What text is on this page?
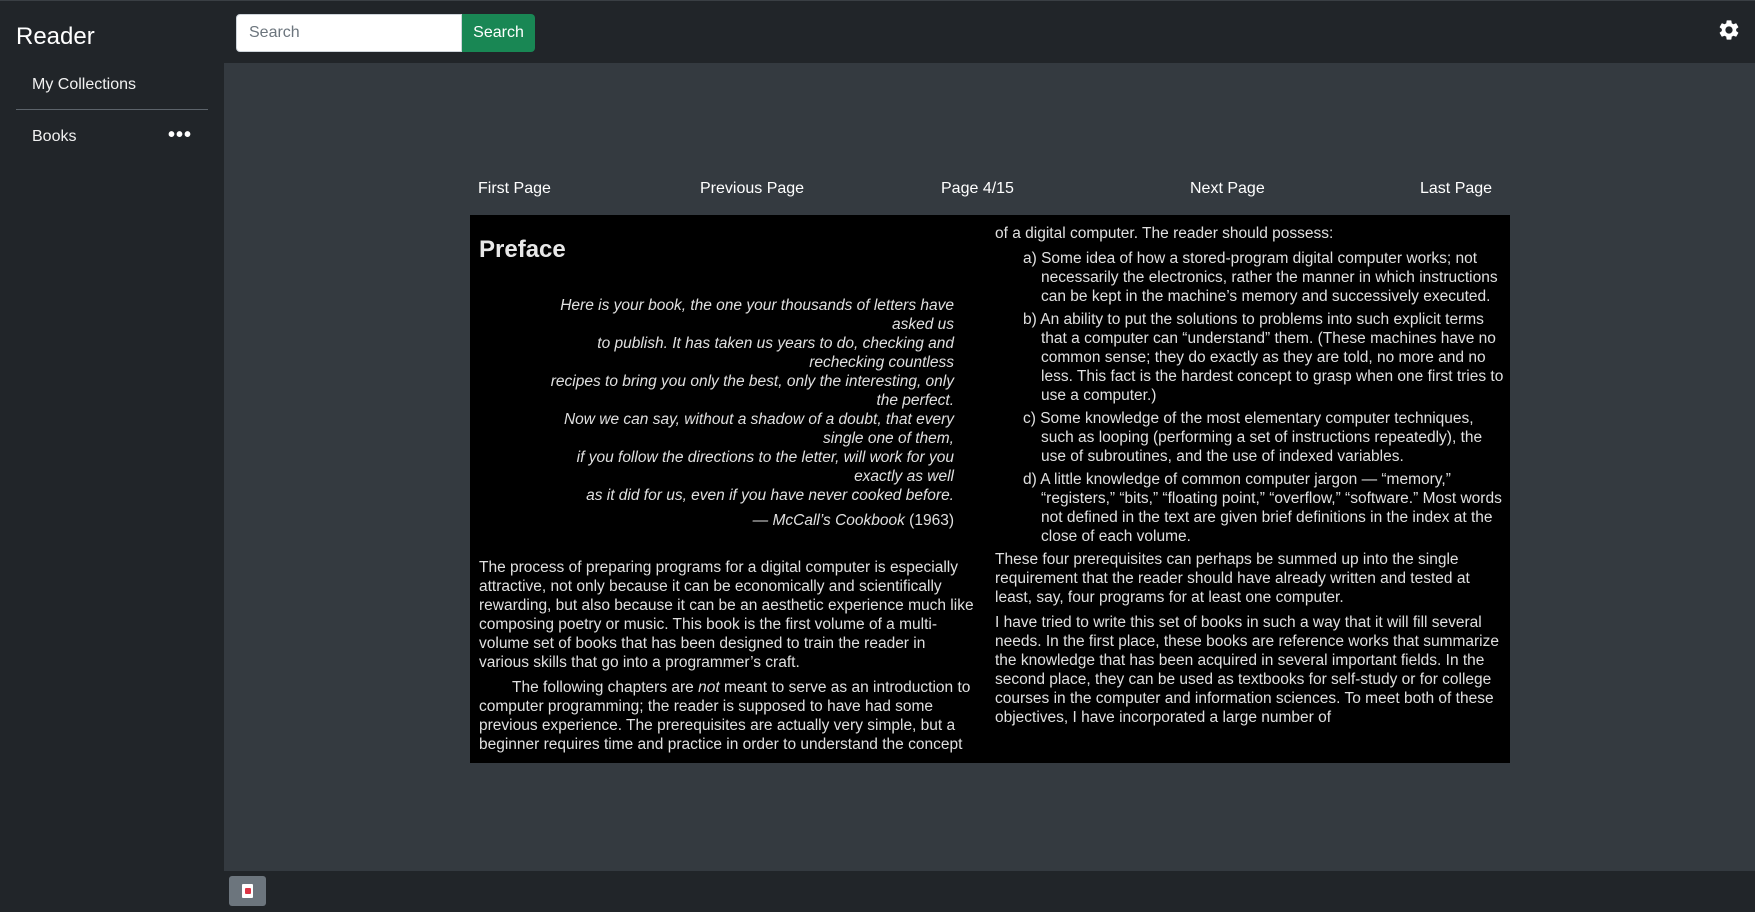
Reader
My Collections
Books	•••
Search
Search
First Page	Previous Page	Page 4/15	Next Page	Last Page
Preface
Here is your book, the one your thousands of letters have asked us
to publish. It has taken us years to do, checking and rechecking countless
recipes to bring you only the best, only the interesting, only the perfect.
Now we can say, without a shadow of a doubt, that every single one of them,
if you follow the directions to the letter, will work for you exactly as well
as it did for us, even if you have never cooked before.
— McCall’s Cookbook (1963)

The process of preparing programs for a digital computer is especially attractive, not only because it can be economically and scientifically rewarding, but also because it can be an aesthetic experience much like composing poetry or music. This book is the first volume of a multi-volume set of books that has been designed to train the reader in various skills that go into a programmer’s craft.

The following chapters are not meant to serve as an introduction to computer programming; the reader is supposed to have had some previous experience. The prerequisites are actually very simple, but a beginner requires time and practice in order to understand the concept

of a digital computer. The reader should possess:

a) Some idea of how a stored-program digital computer works; not necessarily the electronics, rather the manner in which instructions can be kept in the machine’s memory and successively executed.
b) An ability to put the solutions to problems into such explicit terms that a computer can “understand” them. (These machines have no common sense; they do exactly as they are told, no more and no less. This fact is the hardest concept to grasp when one first tries to use a computer.)
c) Some knowledge of the most elementary computer techniques, such as looping (performing a set of instructions repeatedly), the use of subroutines, and the use of indexed variables.
d) A little knowledge of common computer jargon — “memory,” “registers,” “bits,” “floating point,” “overflow,” “software.” Most words not defined in the text are given brief definitions in the index at the close of each volume.

These four prerequisites can perhaps be summed up into the single requirement that the reader should have already written and tested at least, say, four programs for at least one computer.

I have tried to write this set of books in such a way that it will fill several needs. In the first place, these books are reference works that summarize the knowledge that has been acquired in several important fields. In the second place, they can be used as textbooks for self-study or for college courses in the computer and information sciences. To meet both of these objectives, I have incorporated a large number of
